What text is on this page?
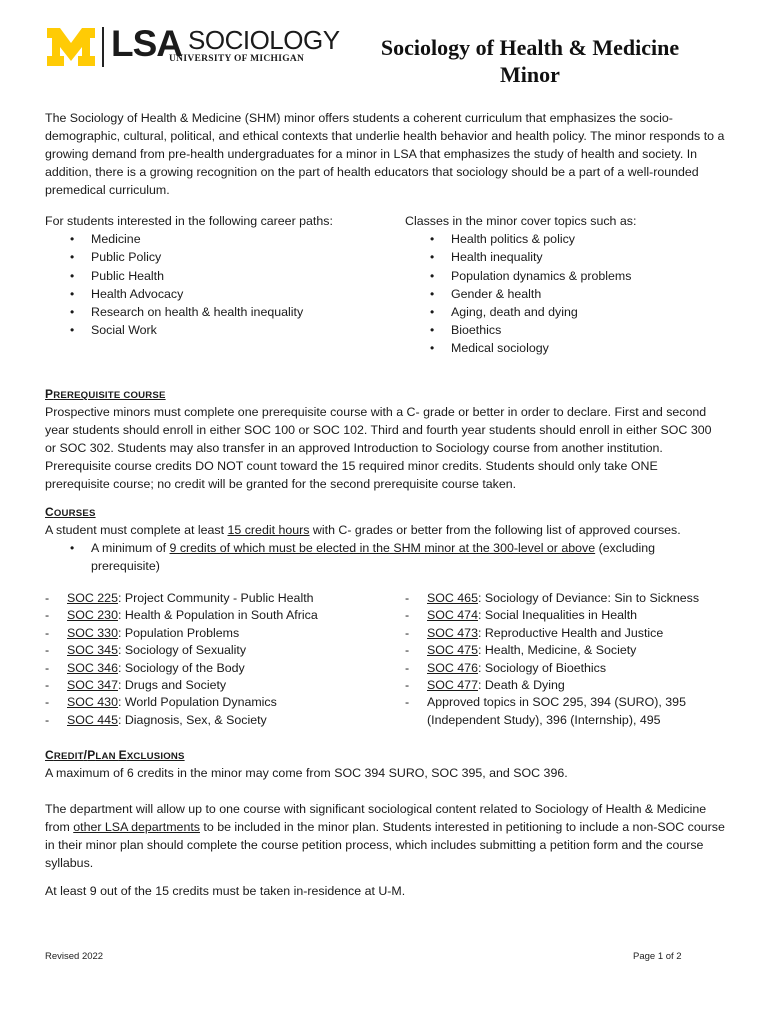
LSA SOCIOLOGY
UNIVERSITY OF MICHIGAN	Sociology of Health & Medicine
Minor

The Sociology of Health & Medicine (SHM) minor offers students a coherent curriculum that emphasizes the socio-demographic, cultural, political, and ethical contexts that underlie health behavior and health policy. The minor responds to a growing demand from pre-health undergraduates for a minor in LSA that emphasizes the study of health and society. In addition, there is a growing recognition on the part of health educators that sociology should be a part of a well-rounded premedical curriculum.

For students interested in the following career paths:
• Medicine
• Public Policy
• Public Health
• Health Advocacy
• Research on health & health inequality
• Social Work
Classes in the minor cover topics such as:
• Health politics & policy
• Health inequality
• Population dynamics & problems
• Gender & health
• Aging, death and dying
• Bioethics
• Medical sociology
PREREQUISITE COURSE

Prospective minors must complete one prerequisite course with a C- grade or better in order to declare. First and second year students should enroll in either SOC 100 or SOC 102. Third and fourth year students should enroll in either SOC 300 or SOC 302. Students may also transfer in an approved Introduction to Sociology course from another institution. Prerequisite course credits DO NOT count toward the 15 required minor credits. Students should only take ONE prerequisite course; no credit will be granted for the second prerequisite course taken.

COURSES

A student must complete at least 15 credit hours with C- grades or better from the following list of approved courses.

• A minimum of 9 credits of which must be elected in the SHM minor at the 300-level or above (excluding prerequisite)
- SOC 225: Project Community - Public Health
- SOC 230: Health & Population in South Africa
- SOC 330: Population Problems
- SOC 345: Sociology of Sexuality
- SOC 346: Sociology of the Body
- SOC 347: Drugs and Society
- SOC 430: World Population Dynamics
- SOC 445: Diagnosis, Sex, & Society
- SOC 465: Sociology of Deviance: Sin to Sickness
- SOC 474: Social Inequalities in Health
- SOC 473: Reproductive Health and Justice
- SOC 475: Health, Medicine, & Society
- SOC 476: Sociology of Bioethics
- SOC 477: Death & Dying
- Approved topics in SOC 295, 394 (SURO), 395 (Independent Study), 396 (Internship), 495
CREDIT/PLAN EXCLUSIONS

A maximum of 6 credits in the minor may come from SOC 394 SURO, SOC 395, and SOC 396.

The department will allow up to one course with significant sociological content related to Sociology of Health & Medicine from other LSA departments to be included in the minor plan. Students interested in petitioning to include a non-SOC course in their minor plan should complete the course petition process, which includes submitting a petition form and the course syllabus.

At least 9 out of the 15 credits must be taken in-residence at U-M.

Revised 2022	Page 1 of 2
